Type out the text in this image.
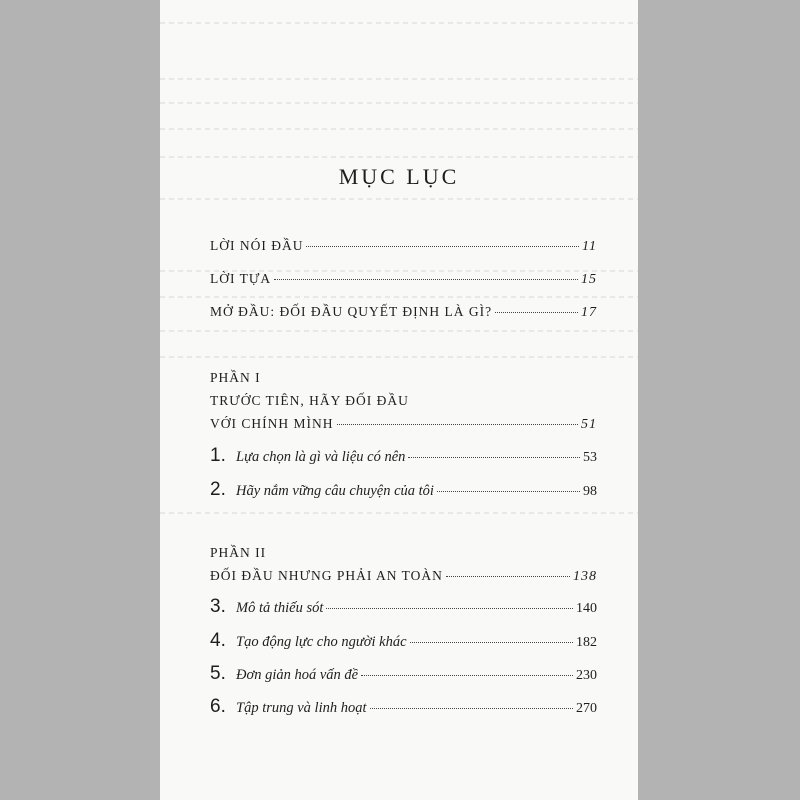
MỤC LỤC
LỜI NÓI ĐẦU	11
LỜI TỰA	15
MỞ ĐẦU: ĐỐI ĐẦU QUYẾT ĐỊNH LÀ GÌ?	17
PHẦN I
TRƯỚC TIÊN, HÃY ĐỐI ĐẦU
VỚI CHÍNH MÌNH	51
1. Lựa chọn là gì và liệu có nên	53
2. Hãy nắm vững câu chuyện của tôi	98
PHẦN II
ĐỐI ĐẦU NHƯNG PHẢI AN TOÀN	138
3. Mô tả thiếu sót	140
4. Tạo động lực cho người khác	182
5. Đơn giản hoá vấn đề	230
6. Tập trung và linh hoạt	270
